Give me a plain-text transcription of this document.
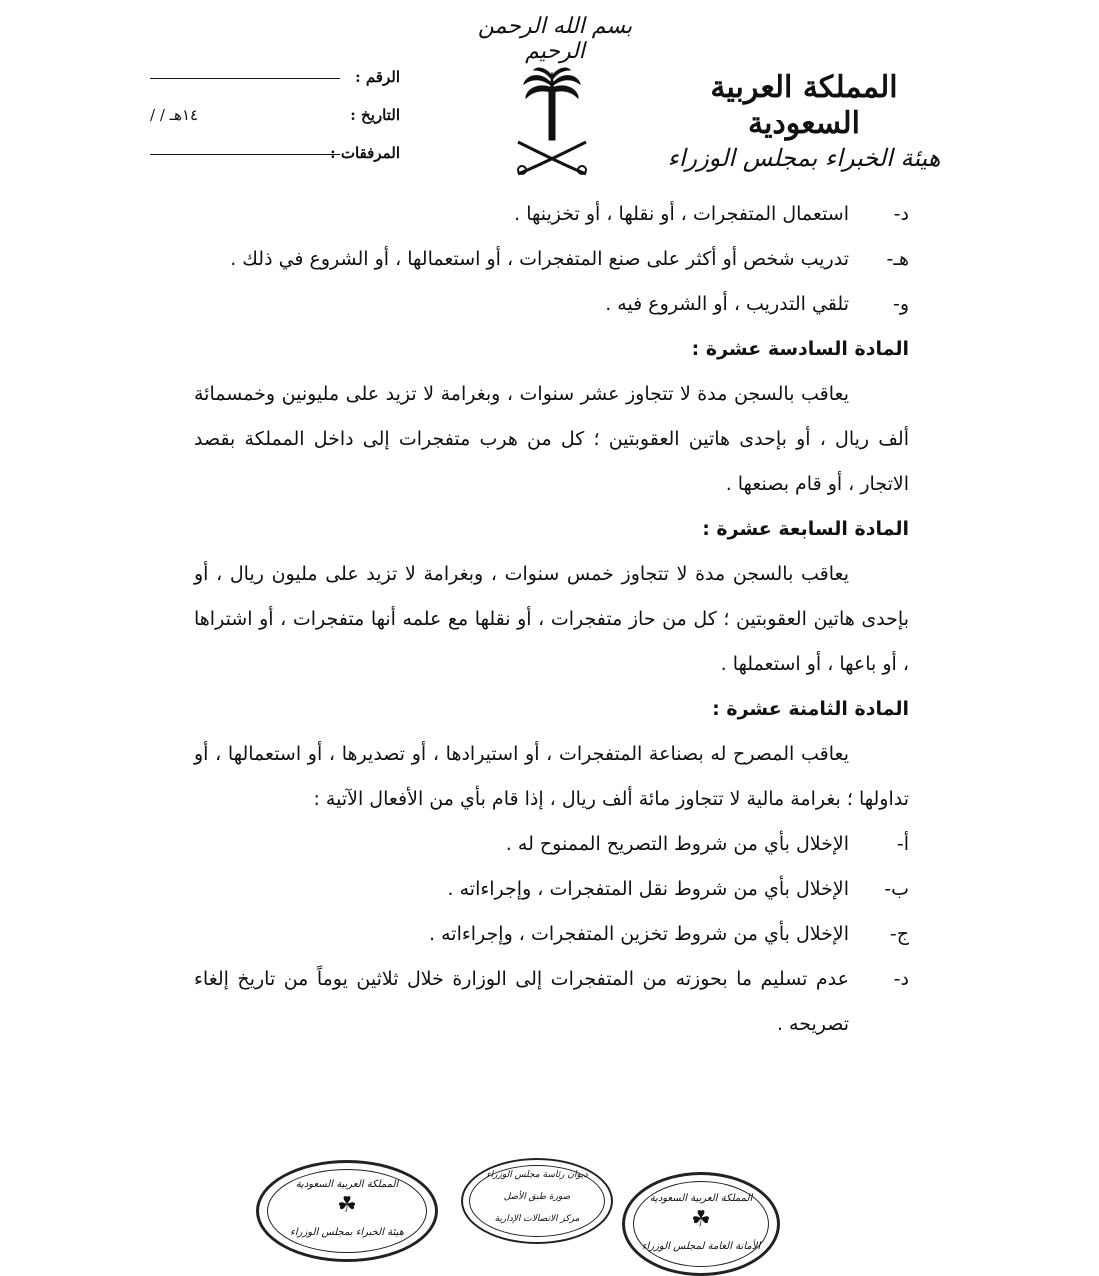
بسم الله الرحمن الرحيم
المملكة العربية السعودية
هيئة الخبراء بمجلس الوزراء
الرقم :
التاريخ :
/ / ١٤هـ
المرفقات :
د-
استعمال المتفجرات ، أو نقلها ، أو تخزينها .
هـ-
تدريب شخص أو أكثر على صنع المتفجرات ، أو استعمالها ، أو الشروع في ذلك .
و-
تلقي التدريب ، أو الشروع فيه .
المادة السادسة عشرة :
يعاقب بالسجن مدة لا تتجاوز عشر سنوات ، وبغرامة لا تزيد على مليونين وخمسمائة ألف ريال ، أو بإحدى هاتين العقوبتين ؛ كل من هرب متفجرات إلى داخل المملكة بقصد الاتجار ، أو قام بصنعها .
المادة السابعة عشرة :
يعاقب بالسجن مدة لا تتجاوز خمس سنوات ، وبغرامة لا تزيد على مليون ريال ، أو بإحدى هاتين العقوبتين ؛ كل من حاز متفجرات ، أو نقلها مع علمه أنها متفجرات ، أو اشتراها ، أو باعها ، أو استعملها .
المادة الثامنة عشرة :
يعاقب المصرح له بصناعة المتفجرات ، أو استيرادها ، أو تصديرها ، أو استعمالها ، أو تداولها ؛ بغرامة مالية لا تتجاوز مائة ألف ريال ، إذا قام بأي من الأفعال الآتية :
أ-
الإخلال بأي من شروط التصريح الممنوح له .
ب-
الإخلال بأي من شروط نقل المتفجرات ، وإجراءاته .
ج-
الإخلال بأي من شروط تخزين المتفجرات ، وإجراءاته .
د-
عدم تسليم ما بحوزته من المتفجرات إلى الوزارة خلال ثلاثين يوماً من تاريخ إلغاء تصريحه .
المملكة العربية السعودية
☘
هيئة الخبراء بمجلس الوزراء
ديوان رئاسة مجلس الوزراء
صورة طبق الأصل
مركز الاتصالات الإدارية
المملكة العربية السعودية
☘
الأمانة العامة لمجلس الوزراء
